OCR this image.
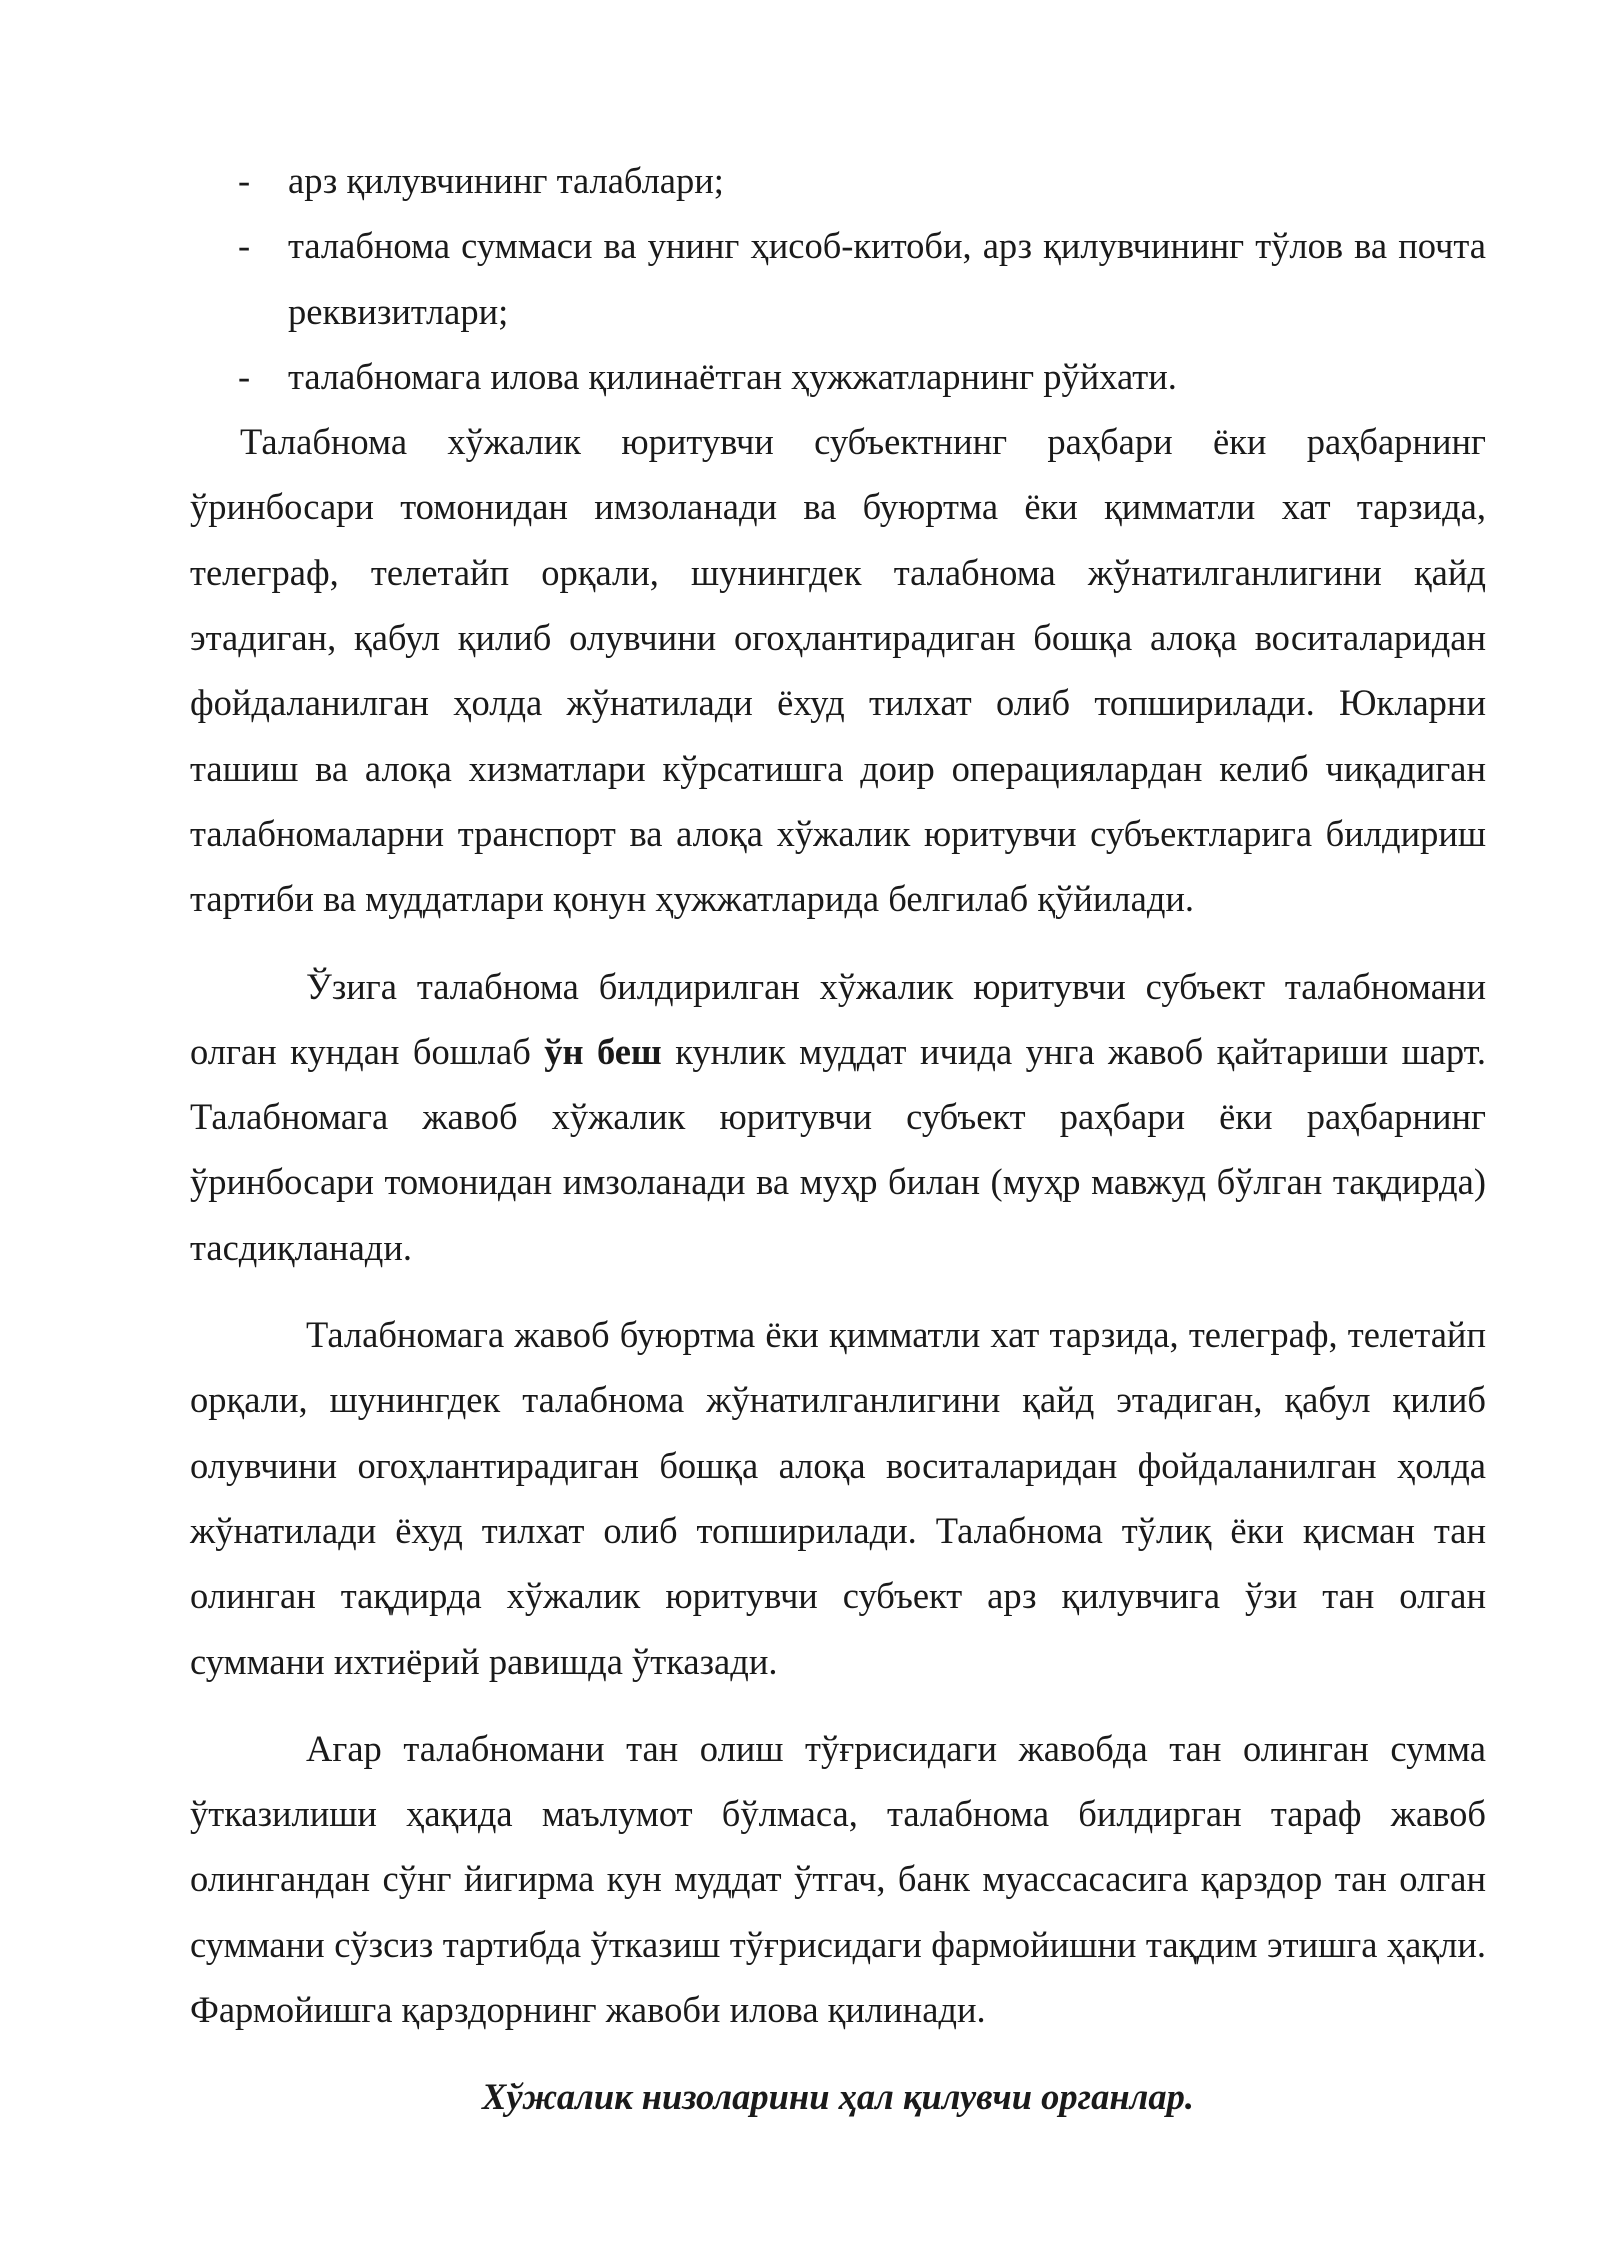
- арз қилувчининг талаблари;
- талабнома суммаси ва унинг ҳисоб-китоби, арз қилувчининг тўлов ва почта реквизитлари;
- талабномага илова қилинаётган ҳужжатларнинг рўйхати.

Талабнома хўжалик юритувчи субъектнинг раҳбари ёки раҳбарнинг ўринбосари томонидан имзоланади ва буюртма ёки қимматли хат тарзида, телеграф, телетайп орқали, шунингдек талабнома жўнатилганлигини қайд этадиган, қабул қилиб олувчини огоҳлантирадиган бошқа алоқа воситаларидан фойдаланилган ҳолда жўнатилади ёхуд тилхат олиб топширилади. Юкларни ташиш ва алоқа хизматлари кўрсатишга доир операциялардан келиб чиқадиган талабномаларни транспорт ва алоқа хўжалик юритувчи субъектларига билдириш тартиби ва муддатлари қонун ҳужжатларида белгилаб қўйилади.

Ўзига талабнома билдирилган хўжалик юритувчи субъект талабномани олган кундан бошлаб ўн беш кунлик муддат ичида унга жавоб қайтариши шарт. Талабномага жавоб хўжалик юритувчи субъект раҳбари ёки раҳбарнинг ўринбосари томонидан имзоланади ва муҳр билан (муҳр мавжуд бўлган тақдирда) тасдиқланади.

Талабномага жавоб буюртма ёки қимматли хат тарзида, телеграф, телетайп орқали, шунингдек талабнома жўнатилганлигини қайд этадиган, қабул қилиб олувчини огоҳлантирадиган бошқа алоқа воситаларидан фойдаланилган ҳолда жўнатилади ёхуд тилхат олиб топширилади. Талабнома тўлиқ ёки қисман тан олинган тақдирда хўжалик юритувчи субъект арз қилувчига ўзи тан олган суммани ихтиёрий равишда ўтказади.

Агар талабномани тан олиш тўғрисидаги жавобда тан олинган сумма ўтказилиши ҳақида маълумот бўлмаса, талабнома билдирган тараф жавоб олингандан сўнг йигирма кун муддат ўтгач, банк муассасасига қарздор тан олган суммани сўзсиз тартибда ўтказиш тўғрисидаги фармойишни тақдим этишга ҳақли. Фармойишга қарздорнинг жавоби илова қилинади.

Хўжалик низоларини ҳал қилувчи органлар.
